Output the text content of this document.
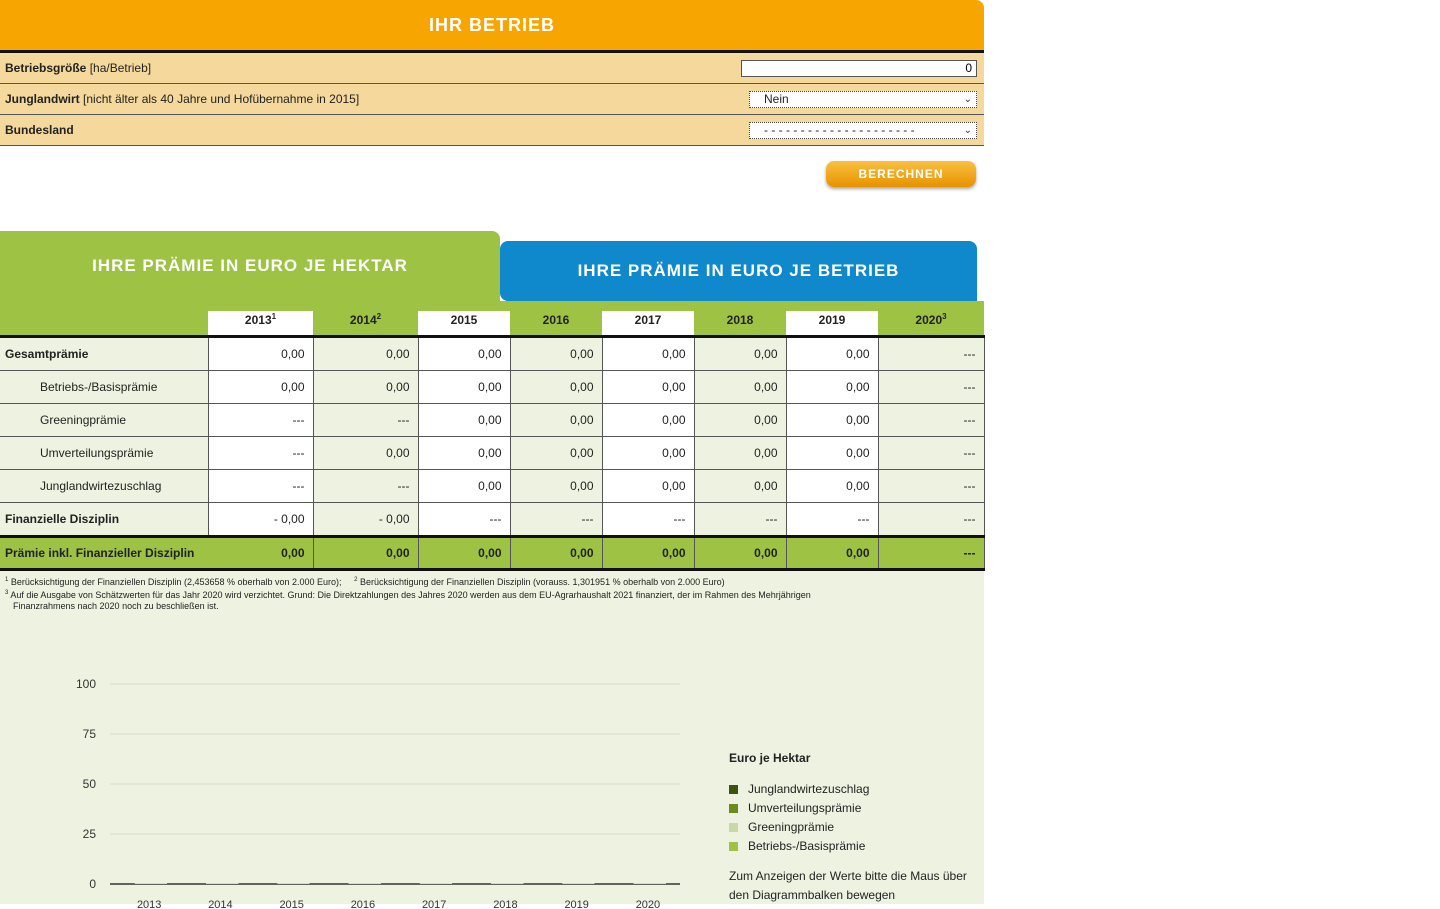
IHR BETRIEB
Betriebsgröße [ha/Betrieb]
0
Junglandwirt [nicht älter als 40 Jahre und Hofübernahme in 2015]	Nein	⌄
Bundesland	- - - - - - - - - - - - - - - - - - - - -	⌄
BERECHNEN
IHRE PRÄMIE IN EURO JE HEKTAR	IHRE PRÄMIE IN EURO JE BETRIEB

	2013$^1$	2014$^2$	2015	2016	2017	2018	2019	2020$^3$
Gesamtprämie	0,00	0,00	0,00	0,00	0,00	0,00	0,00	---
Betriebs-/Basisprämie	0,00	0,00	0,00	0,00	0,00	0,00	0,00	---
Greeningprämie	---	---	0,00	0,00	0,00	0,00	0,00	---
Umverteilungsprämie	---	0,00	0,00	0,00	0,00	0,00	0,00	---
Junglandwirtezuschlag	---	---	0,00	0,00	0,00	0,00	0,00	---
Finanzielle Disziplin	- 0,00	- 0,00	---	---	---	---	---	---
Prämie inkl. Finanzieller Disziplin	0,00	0,00	0,00	0,00	0,00	0,00	0,00	---
$^1$ Berücksichtigung der Finanziellen Disziplin (2,453658 % oberhalb von 2.000 Euro); $^2$ Berücksichtigung der Finanziellen Disziplin (vorauss. 1,301951 % oberhalb von 2.000 Euro)
$^3$ Auf die Ausgabe von Schätzwerten für das Jahr 2020 wird verzichtet. Grund: Die Direktzahlungen des Jahres 2020 werden aus dem EU-Agrarhaushalt 2021 finanziert, der im Rahmen des Mehrjährigen
Finanzrahmens nach 2020 noch zu beschließen ist.
0
25
50
75
100
2013	2014	2015	2016	2017	2018	2019	2020
Euro je Hektar
Junglandwirtezuschlag
Umverteilungsprämie
Greeningprämie
Betriebs-/Basisprämie
Zum Anzeigen der Werte bitte die Maus über den Diagrammbalken bewegen
